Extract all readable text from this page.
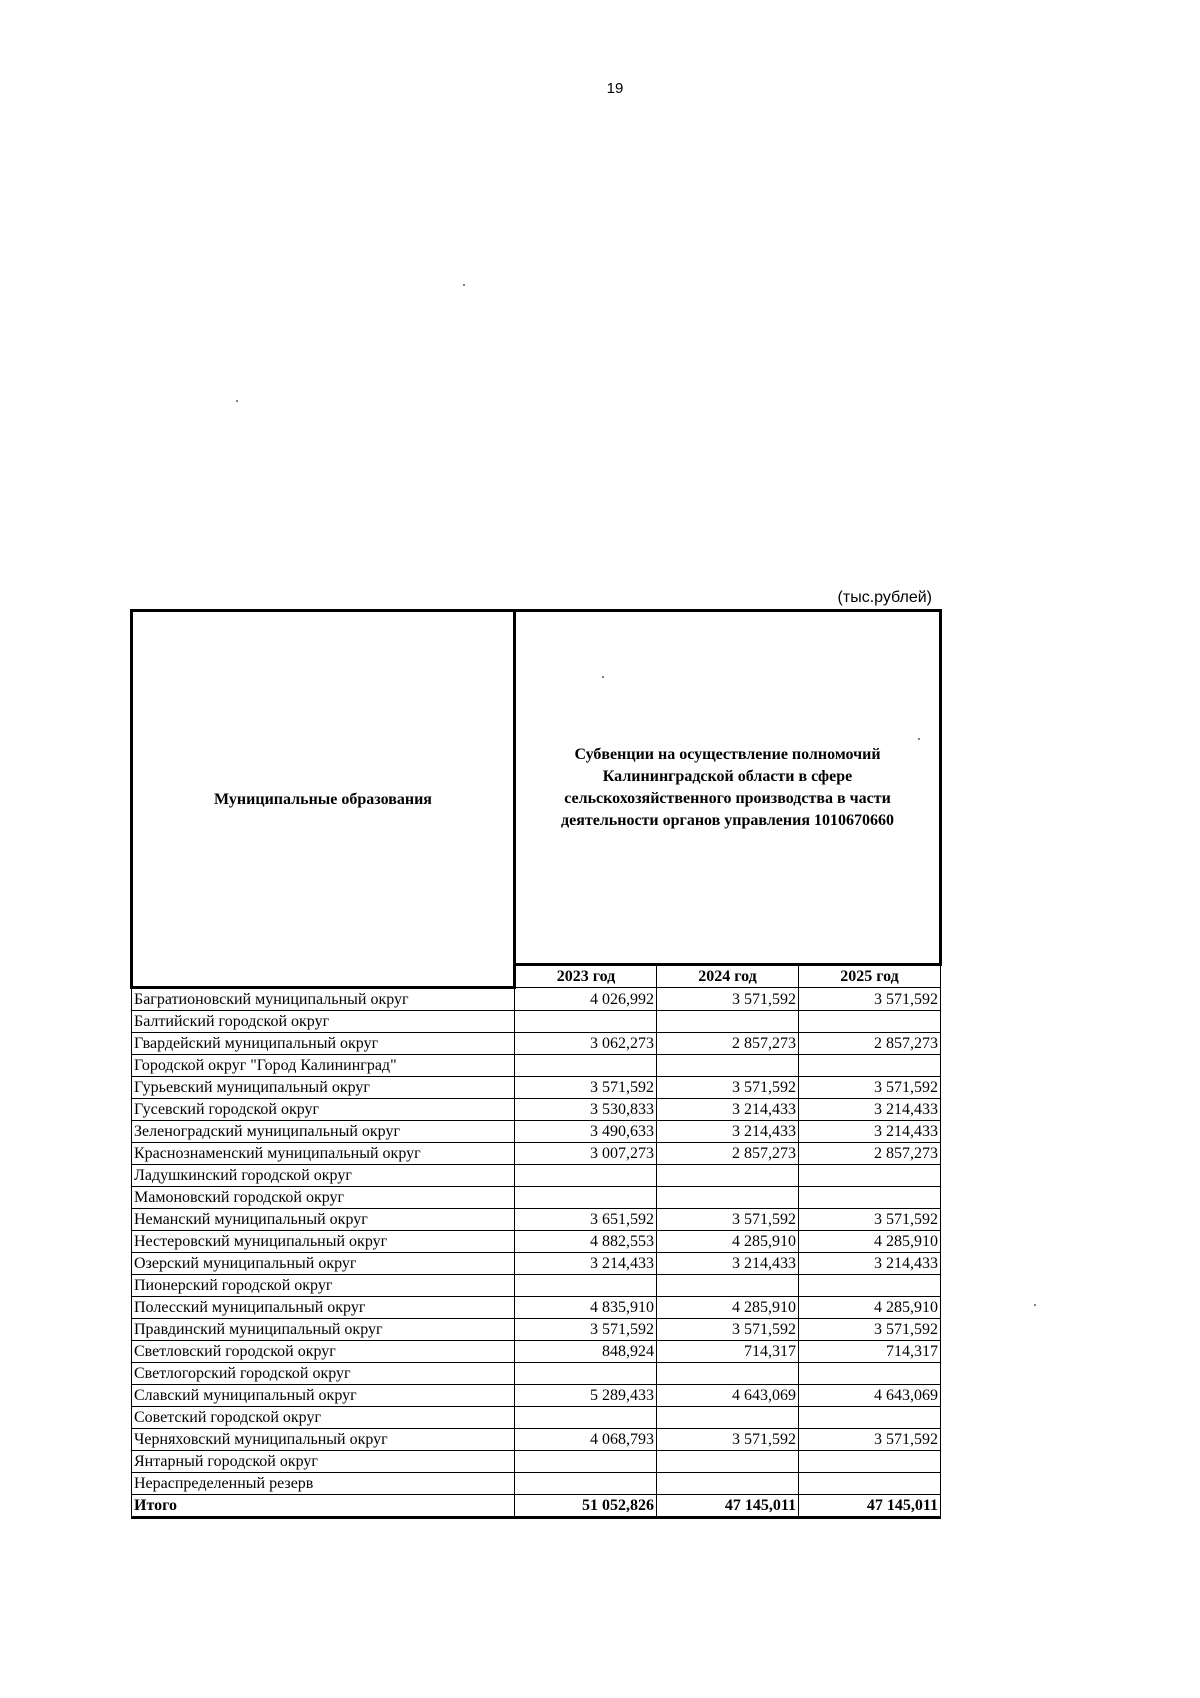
19
(тыс.рублей)
Муниципальные образования	Субвенции на осуществление полномочий Калининградской области в сфере сельскохозяйственного производства в части деятельности органов управления 1010670660		
	2023 год	2024 год	2025 год
Багратионовский муниципальный округ	4 026,992	3 571,592	3 571,592
Балтийский городской округ			
Гвардейский муниципальный округ	3 062,273	2 857,273	2 857,273
Городской округ "Город Калининград"			
Гурьевский муниципальный округ	3 571,592	3 571,592	3 571,592
Гусевский городской округ	3 530,833	3 214,433	3 214,433
Зеленоградский муниципальный округ	3 490,633	3 214,433	3 214,433
Краснознаменский муниципальный округ	3 007,273	2 857,273	2 857,273
Ладушкинский городской округ			
Мамоновский городской округ			
Неманский муниципальный округ	3 651,592	3 571,592	3 571,592
Нестеровский муниципальный округ	4 882,553	4 285,910	4 285,910
Озерский муниципальный округ	3 214,433	3 214,433	3 214,433
Пионерский городской округ			
Полесский муниципальный округ	4 835,910	4 285,910	4 285,910
Правдинский муниципальный округ	3 571,592	3 571,592	3 571,592
Светловский городской округ	848,924	714,317	714,317
Светлогорский городской округ			
Славский муниципальный округ	5 289,433	4 643,069	4 643,069
Советский городской округ			
Черняховский муниципальный округ	4 068,793	3 571,592	3 571,592
Янтарный городской округ			
Нераспределенный резерв			
Итого	51 052,826	47 145,011	47 145,011
